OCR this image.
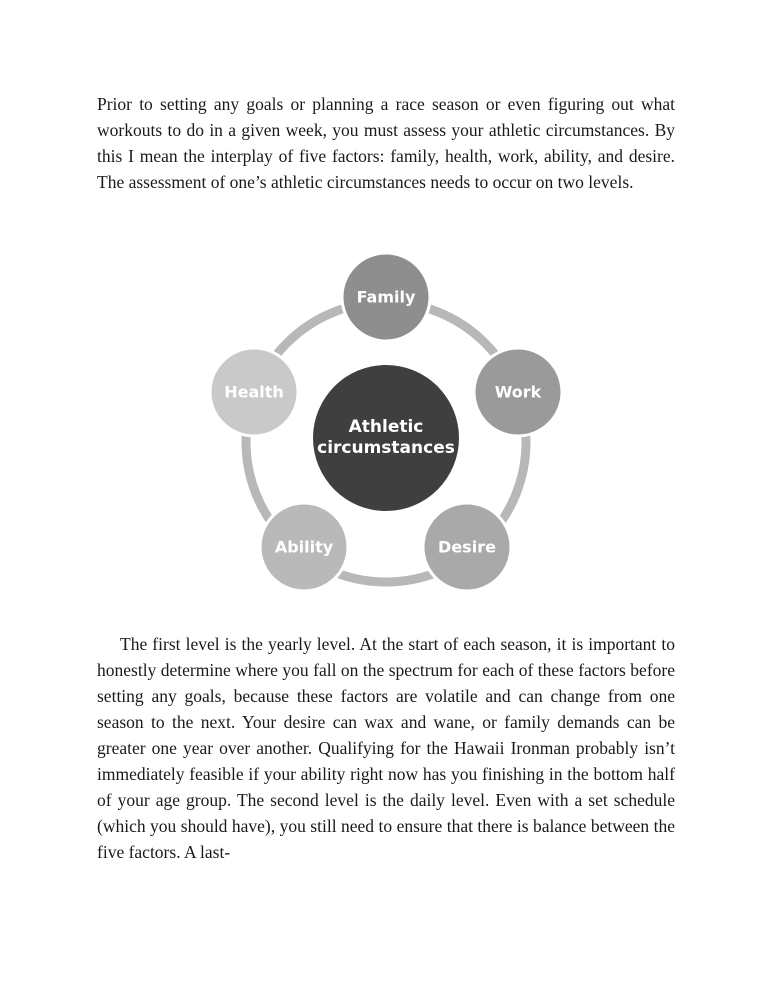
Prior to setting any goals or planning a race season or even figuring out what workouts to do in a given week, you must assess your athletic circumstances. By this I mean the interplay of five factors: family, health, work, ability, and desire. The assessment of one’s athletic circumstances needs to occur on two levels.

Athletic
circumstances
Family
Work
Desire
Ability
Health

The first level is the yearly level. At the start of each season, it is important to honestly determine where you fall on the spectrum for each of these factors before setting any goals, because these factors are volatile and can change from one season to the next. Your desire can wax and wane, or family demands can be greater one year over another. Qualifying for the Hawaii Ironman probably isn’t immediately feasible if your ability right now has you finishing in the bottom half of your age group. The second level is the daily level. Even with a set schedule (which you should have), you still need to ensure that there is balance between the five factors. A last-
